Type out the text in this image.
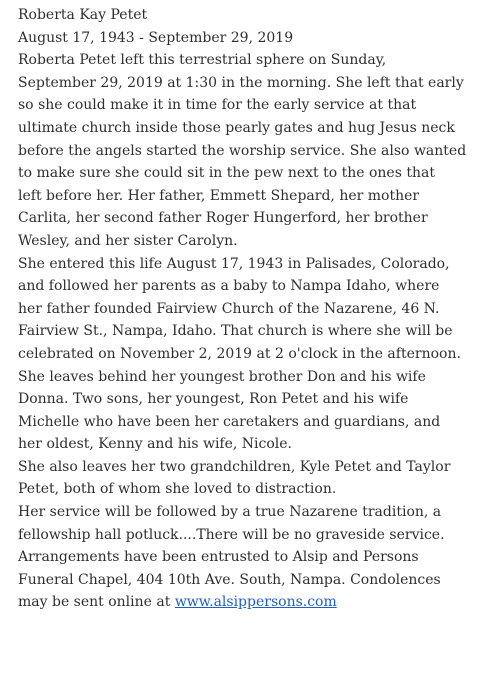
Roberta Kay Petet
August 17, 1943 - September 29, 2019
Roberta Petet left this terrestrial sphere on Sunday,
September 29, 2019 at 1:30 in the morning. She left that early
so she could make it in time for the early service at that
ultimate church inside those pearly gates and hug Jesus neck
before the angels started the worship service. She also wanted
to make sure she could sit in the pew next to the ones that
left before her. Her father, Emmett Shepard, her mother
Carlita, her second father Roger Hungerford, her brother
Wesley, and her sister Carolyn.
She entered this life August 17, 1943 in Palisades, Colorado,
and followed her parents as a baby to Nampa Idaho, where
her father founded Fairview Church of the Nazarene, 46 N.
Fairview St., Nampa, Idaho. That church is where she will be
celebrated on November 2, 2019 at 2 o'clock in the afternoon.
She leaves behind her youngest brother Don and his wife
Donna. Two sons, her youngest, Ron Petet and his wife
Michelle who have been her caretakers and guardians, and
her oldest, Kenny and his wife, Nicole.
She also leaves her two grandchildren, Kyle Petet and Taylor
Petet, both of whom she loved to distraction.
Her service will be followed by a true Nazarene tradition, a
fellowship hall potluck....There will be no graveside service.
Arrangements have been entrusted to Alsip and Persons
Funeral Chapel, 404 10th Ave. South, Nampa. Condolences
may be sent online at www.alsippersons.com
